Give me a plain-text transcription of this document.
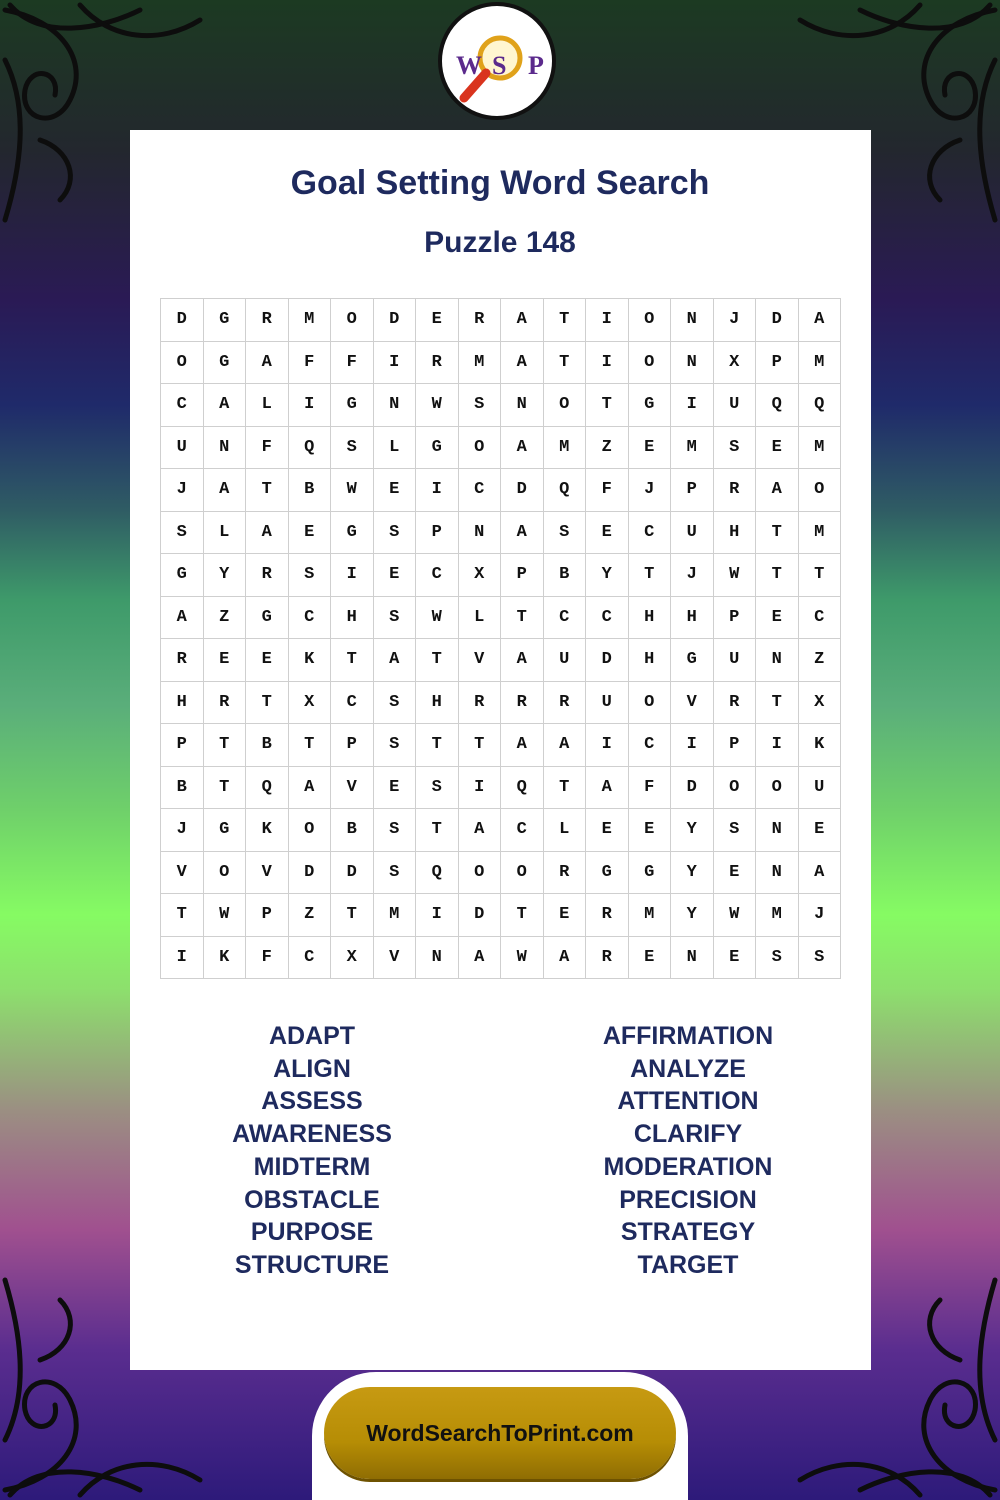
W S P
Goal Setting Word Search
Puzzle 148
D	G	R	M	O	D	E	R	A	T	I	O	N	J	D	A
O	G	A	F	F	I	R	M	A	T	I	O	N	X	P	M
C	A	L	I	G	N	W	S	N	O	T	G	I	U	Q	Q
U	N	F	Q	S	L	G	O	A	M	Z	E	M	S	E	M
J	A	T	B	W	E	I	C	D	Q	F	J	P	R	A	O
S	L	A	E	G	S	P	N	A	S	E	C	U	H	T	M
G	Y	R	S	I	E	C	X	P	B	Y	T	J	W	T	T
A	Z	G	C	H	S	W	L	T	C	C	H	H	P	E	C
R	E	E	K	T	A	T	V	A	U	D	H	G	U	N	Z
H	R	T	X	C	S	H	R	R	R	U	O	V	R	T	X
P	T	B	T	P	S	T	T	A	A	I	C	I	P	I	K
B	T	Q	A	V	E	S	I	Q	T	A	F	D	O	O	U
J	G	K	O	B	S	T	A	C	L	E	E	Y	S	N	E
V	O	V	D	D	S	Q	O	O	R	G	G	Y	E	N	A
T	W	P	Z	T	M	I	D	T	E	R	M	Y	W	M	J
I	K	F	C	X	V	N	A	W	A	R	E	N	E	S	S
ADAPT
ALIGN
ASSESS
AWARENESS
MIDTERM
OBSTACLE
PURPOSE
STRUCTURE
AFFIRMATION
ANALYZE
ATTENTION
CLARIFY
MODERATION
PRECISION
STRATEGY
TARGET
WordSearchToPrint.com
